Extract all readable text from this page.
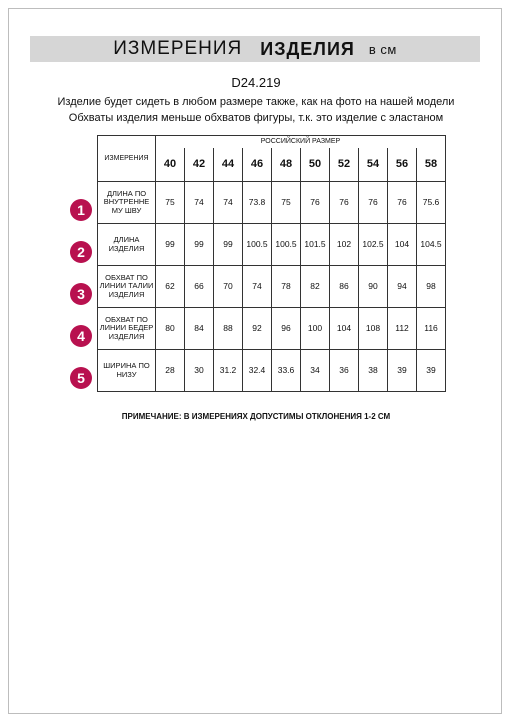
ИЗМЕРЕНИЯ ИЗДЕЛИЯ в см
D24.219
Изделие будет сидеть в любом размере также, как на фото на нашей модели
Обхваты изделия меньше обхватов фигуры, т.к. это изделие с эластаном
ИЗМЕРЕНИЯ	РОССИЙСКИЙ РАЗМЕР									
	40	42	44	46	48	50	52	54	56	58
ДЛИНА ПО ВНУТРЕННЕ МУ ШВУ	75	74	74	73.8	75	76	76	76	76	75.6
ДЛИНА ИЗДЕЛИЯ	99	99	99	100.5	100.5	101.5	102	102.5	104	104.5
ОБХВАТ ПО ЛИНИИ ТАЛИИ ИЗДЕЛИЯ	62	66	70	74	78	82	86	90	94	98
ОБХВАТ ПО ЛИНИИ БЕДЕР ИЗДЕЛИЯ	80	84	88	92	96	100	104	108	112	116
ШИРИНА ПО НИЗУ	28	30	31.2	32.4	33.6	34	36	38	39	39
1
2
3
4
5
ПРИМЕЧАНИЕ: В ИЗМЕРЕНИЯХ ДОПУСТИМЫ ОТКЛОНЕНИЯ 1-2 СМ
